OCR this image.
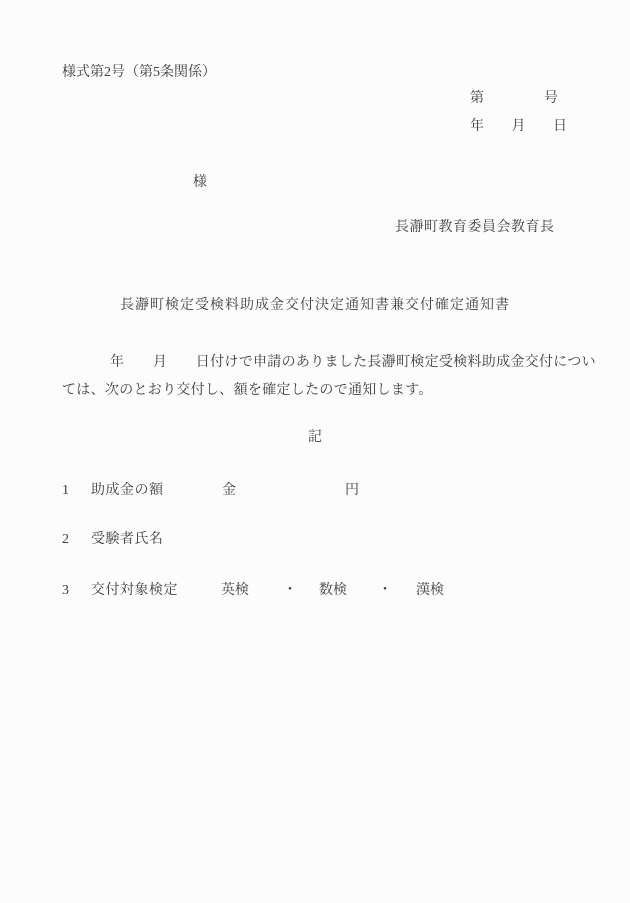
様式第2号（第5条関係）
第	号
年 月 日
様
長瀞町教育委員会教育長
長瀞町検定受検料助成金交付決定通知書兼交付確定通知書
年　　月　　日付けで申請のありました長瀞町検定受検料助成金交付につい
ては、次のとおり交付し、額を確定したので通知します。
記
1 助成金の額	金	円
2 受験者氏名
3 交付対象検定	英検 ・ 数検 ・ 漢検
